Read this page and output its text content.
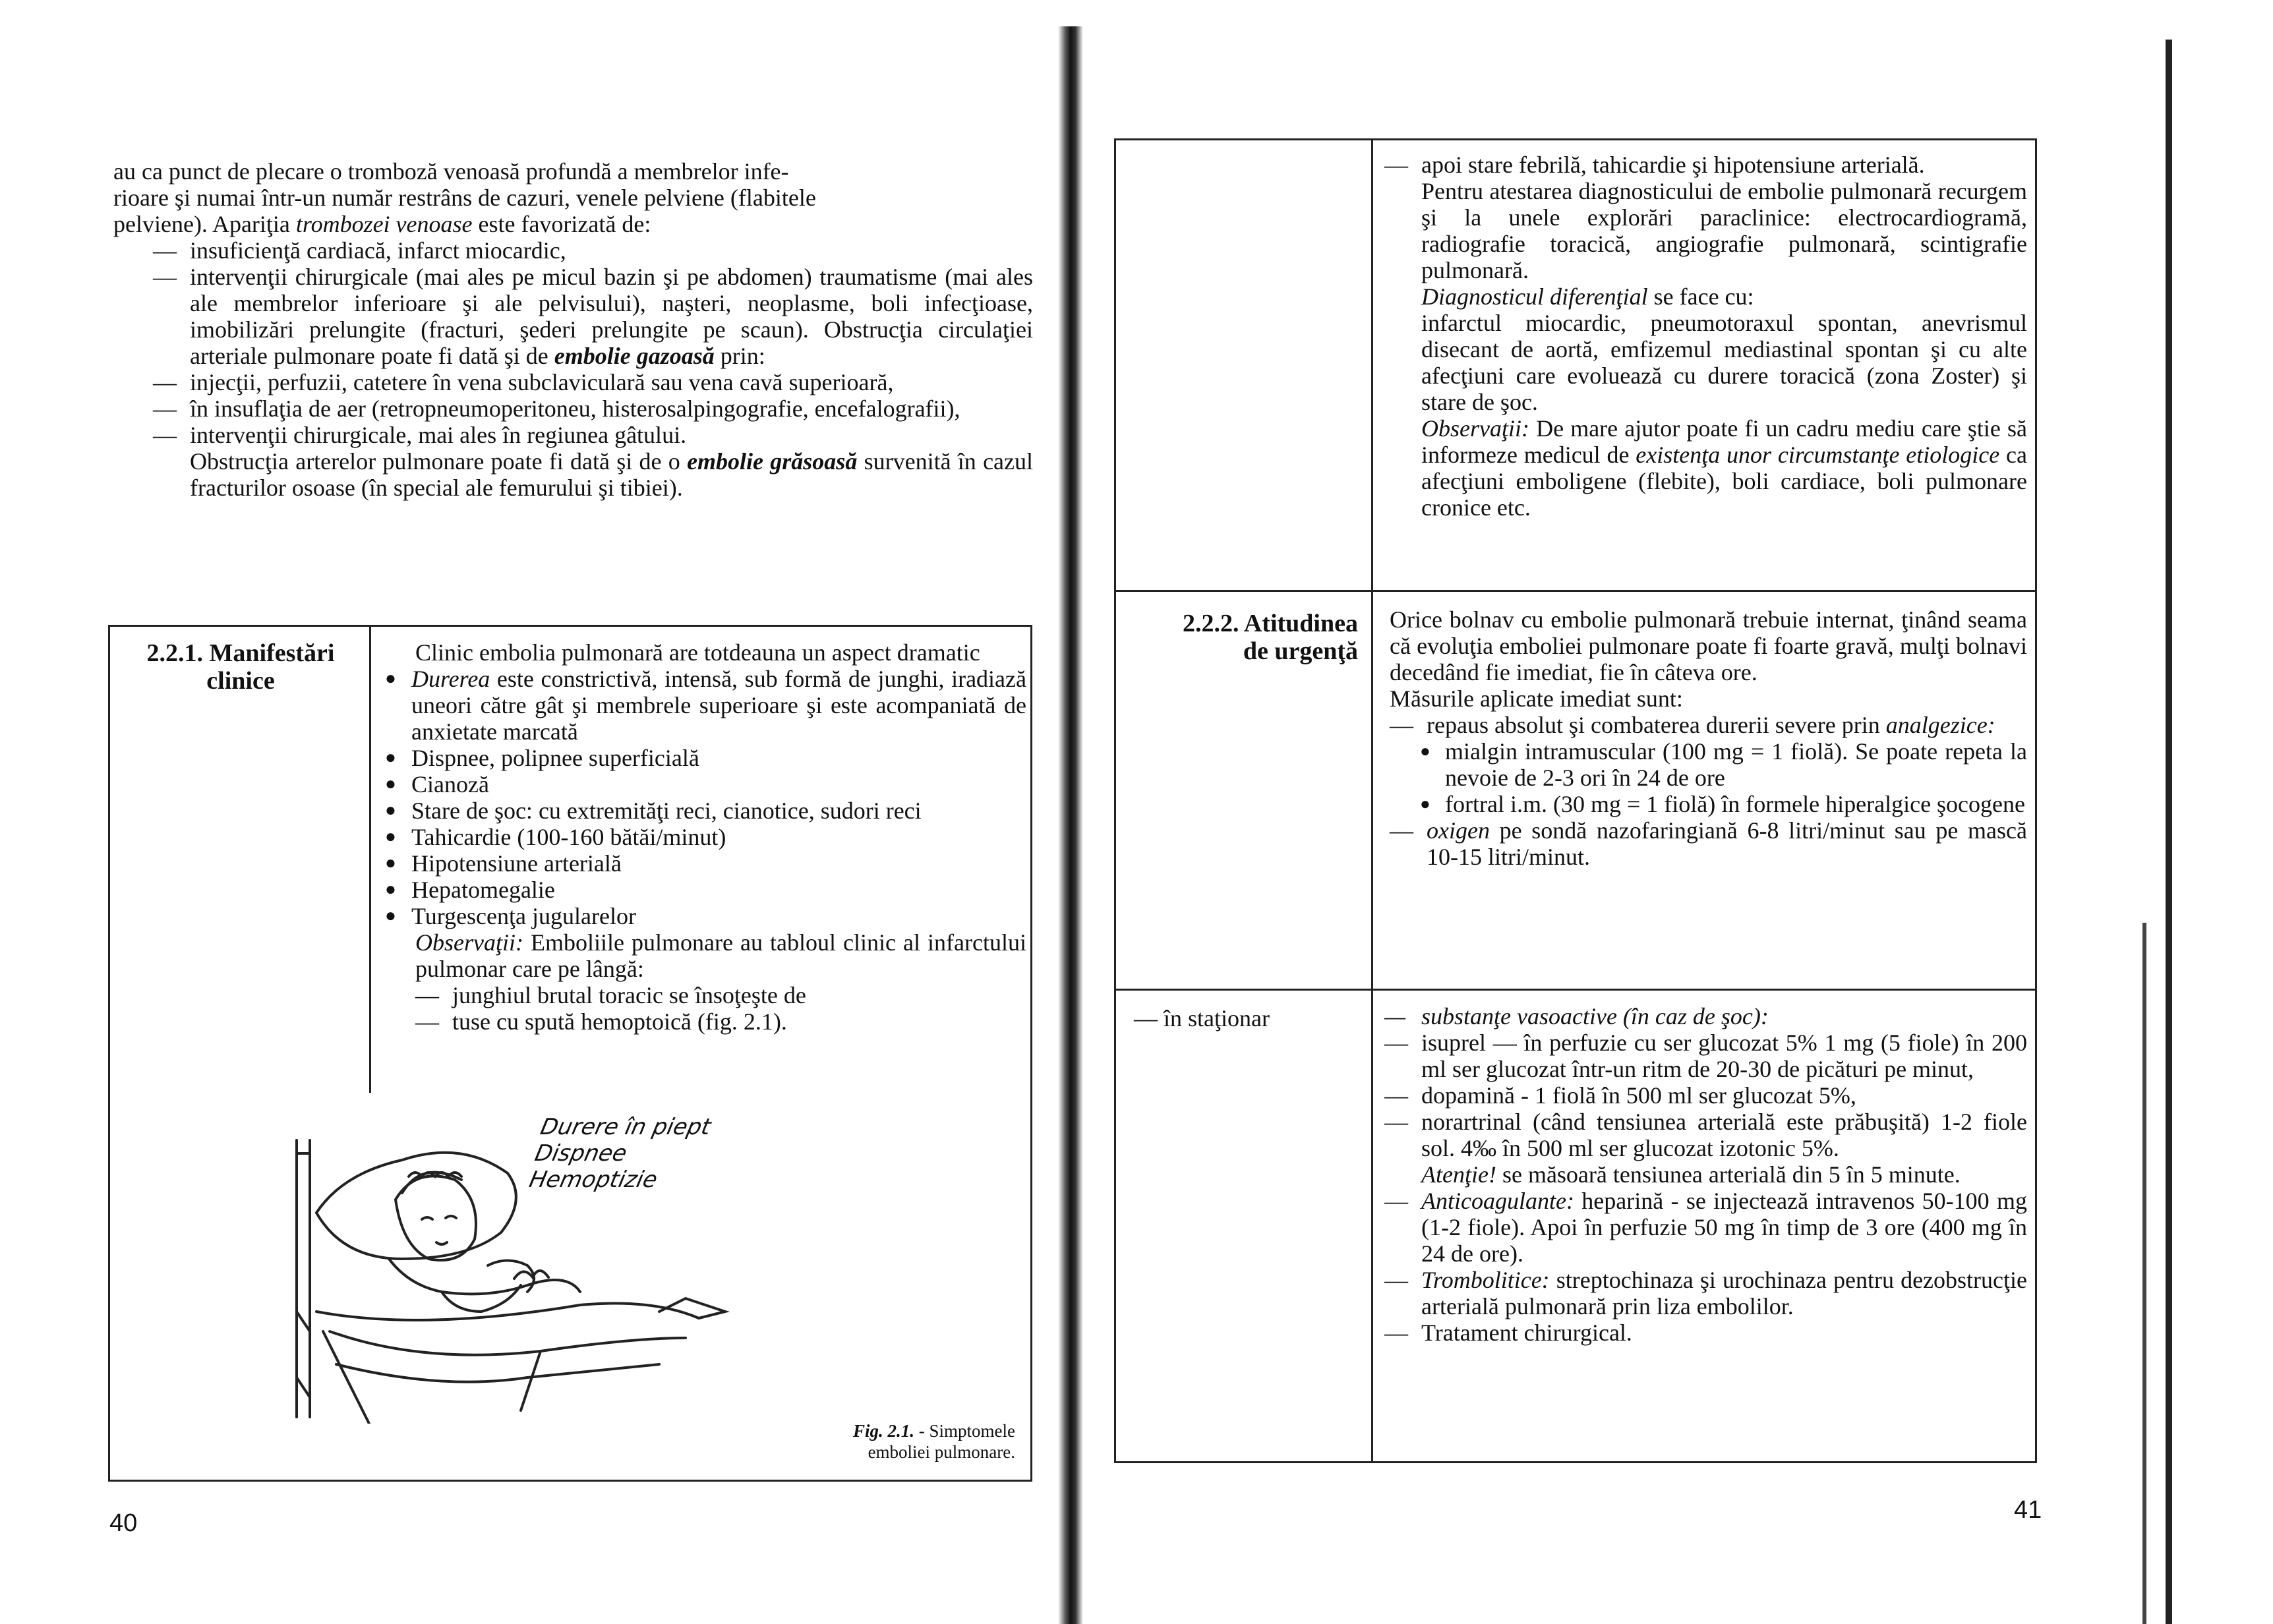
au ca punct de plecare o tromboză venoasă profundă a membrelor infe-
rioare şi numai într-un număr restrâns de cazuri, venele pelviene (flabitele
pelviene). Apariţia trombozei venoase este favorizată de:
— insuficienţă cardiacă, infarct miocardic,
— intervenţii chirurgicale (mai ales pe micul bazin şi pe abdomen) traumatisme (mai ales ale membrelor inferioare şi ale pelvisului), naşteri, neoplasme, boli infecţioase, imobilizări prelungite (fracturi, şederi prelungite pe scaun). Obstrucţia circulaţiei arteriale pulmonare poate fi dată şi de embolie gazoasă prin:
— injecţii, perfuzii, catetere în vena subclaviculară sau vena cavă superioară,
— în insuflaţia de aer (retropneumoperitoneu, histerosalpingografie, encefalografii),
— intervenţii chirurgicale, mai ales în regiunea gâtului.
Obstrucţia arterelor pulmonare poate fi dată şi de o embolie grăsoasă survenită în cazul fracturilor osoase (în special ale femurului şi tibiei).
2.2.1. Manifestări
clinice
Clinic embolia pulmonară are totdeauna un aspect dramatic
● Durerea este constrictivă, intensă, sub formă de junghi, iradiază uneori către gât şi membrele superioare şi este acompaniată de anxietate marcată
● Dispnee, polipnee superficială
● Cianoză
● Stare de şoc: cu extremităţi reci, cianotice, sudori reci
● Tahicardie (100-160 bătăi/minut)
● Hipotensiune arterială
● Hepatomegalie
● Turgescenţa jugularelor
Observaţii: Emboliile pulmonare au tabloul clinic al infarctului pulmonar care pe lângă:
— junghiul brutal toracic se însoţeşte de
— tuse cu spută hemoptoică (fig. 2.1).
Durere în piept
Dispnee
Hemoptizie
Fig. 2.1. - Simptomele
emboliei pulmonare.
40
— apoi stare febrilă, tahicardie şi hipotensiune arterială.
Pentru atestarea diagnosticului de embolie pulmonară recurgem şi la unele explorări paraclinice: electrocardiogramă, radiografie toracică, angiografie pulmonară, scintigrafie pulmonară.
Diagnosticul diferenţial se face cu:
infarctul miocardic, pneumotoraxul spontan, anevrismul disecant de aortă, emfizemul mediastinal spontan şi cu alte afecţiuni care evoluează cu durere toracică (zona Zoster) şi stare de şoc.
Observaţii: De mare ajutor poate fi un cadru mediu care ştie să informeze medicul de existenţa unor circumstanţe etiologice ca afecţiuni emboligene (flebite), boli cardiace, boli pulmonare cronice etc.
2.2.2. Atitudinea
de urgenţă
Orice bolnav cu embolie pulmonară trebuie internat, ţinând seama că evoluţia emboliei pulmonare poate fi foarte gravă, mulţi bolnavi decedând fie imediat, fie în câteva ore.
Măsurile aplicate imediat sunt:
— repaus absolut şi combaterea durerii severe prin analgezice:
● mialgin intramuscular (100 mg = 1 fiolă). Se poate repeta la nevoie de 2-3 ori în 24 de ore
● fortral i.m. (30 mg = 1 fiolă) în formele hiperalgice şocogene
— oxigen pe sondă nazofaringiană 6-8 litri/minut sau pe mască 10-15 litri/minut.
— în staţionar
—	substanţe vasoactive (în caz de şoc):
— isuprel — în perfuzie cu ser glucozat 5% 1 mg (5 fiole) în 200 ml ser glucozat într-un ritm de 20-30 de picături pe minut,
— dopamină - 1 fiolă în 500 ml ser glucozat 5%,
— norartrinal (când tensiunea arterială este prăbuşită) 1-2 fiole sol. 4‰ în 500 ml ser glucozat izotonic 5%.
Atenţie! se măsoară tensiunea arterială din 5 în 5 minute.
— Anticoagulante: heparină - se injectează intravenos 50-100 mg (1-2 fiole). Apoi în perfuzie 50 mg în timp de 3 ore (400 mg în 24 de ore).
— Trombolitice: streptochinaza şi urochinaza pentru dezobstrucţie arterială pulmonară prin liza embolilor.
— Tratament chirurgical.
41
